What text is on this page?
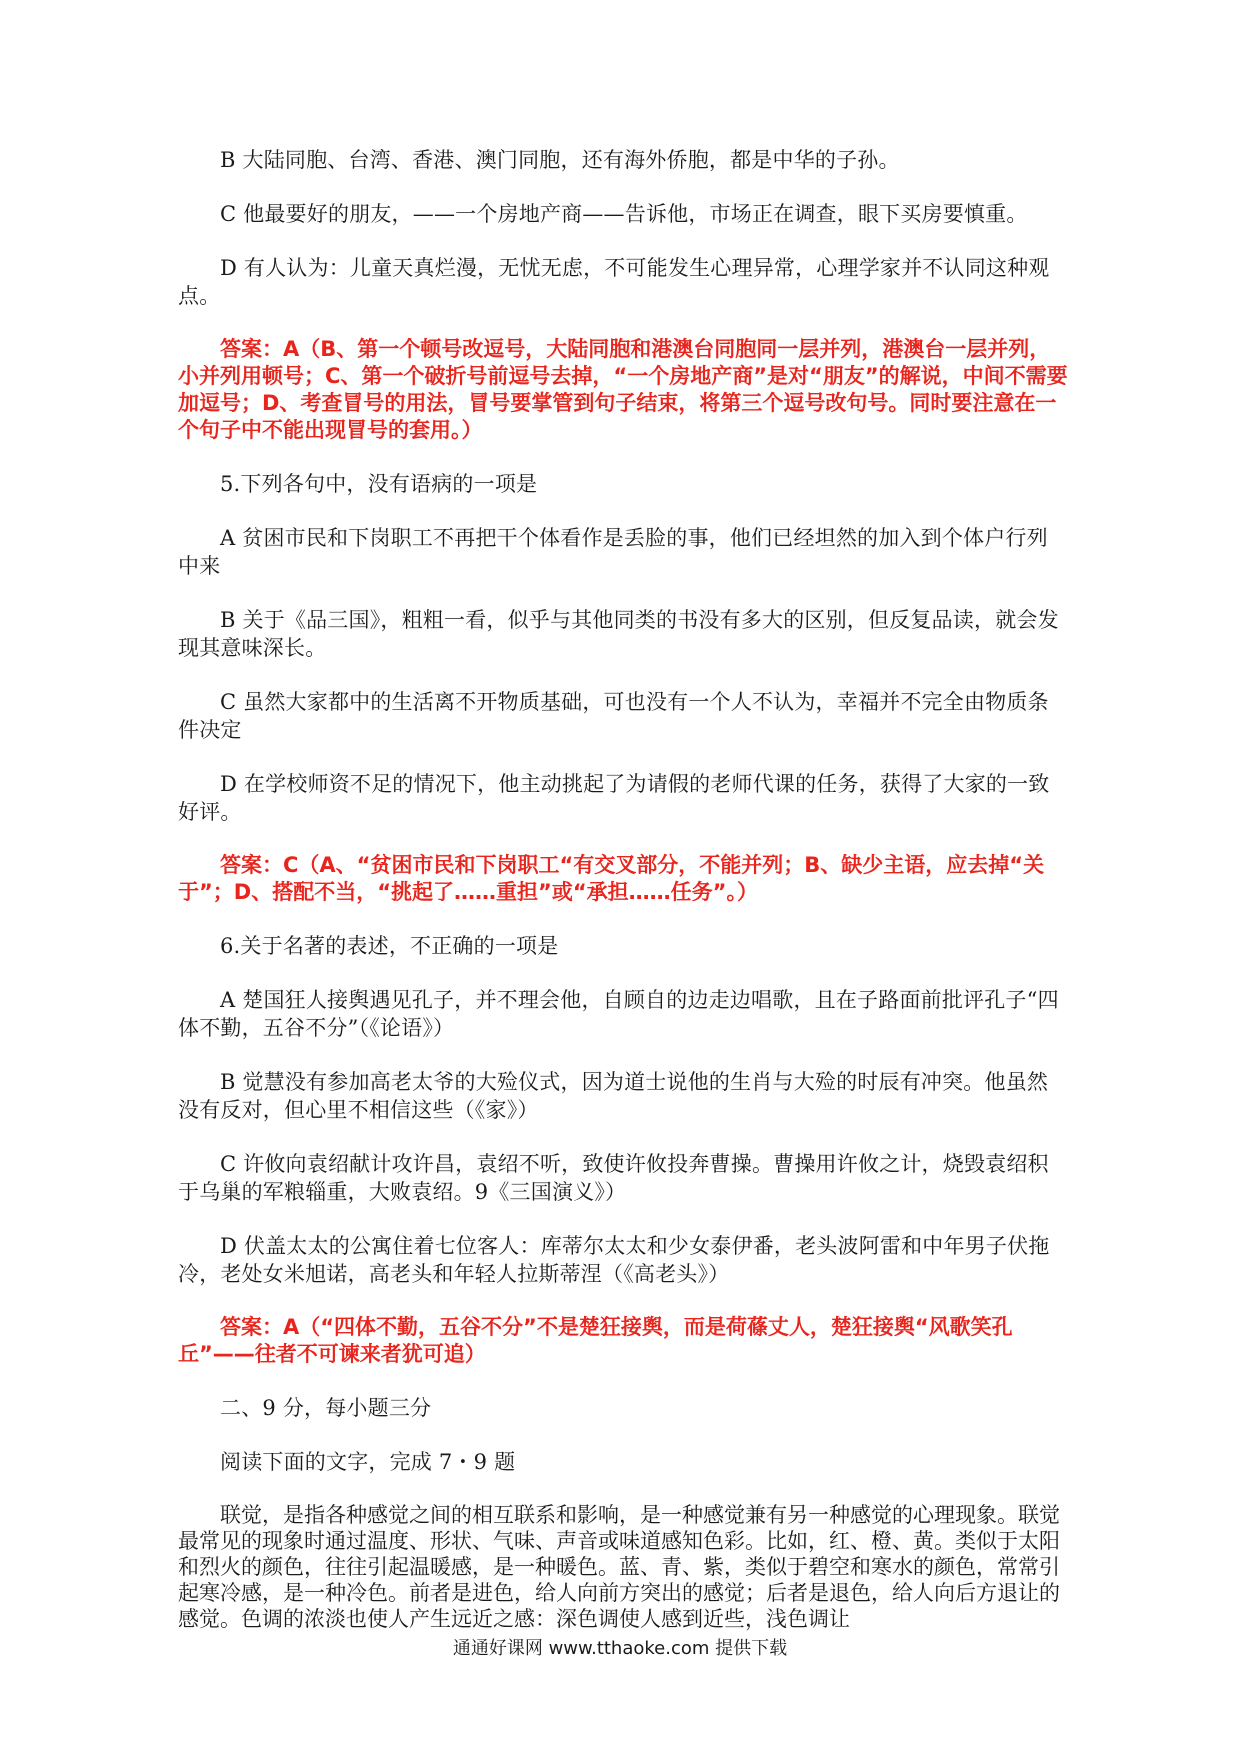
B 大陆同胞、台湾、香港、澳门同胞，还有海外侨胞，都是中华的子孙。

C 他最要好的朋友，——一个房地产商——告诉他，市场正在调查，眼下买房要慎重。

D 有人认为：儿童天真烂漫，无忧无虑，不可能发生心理异常，心理学家并不认同这种观点。

答案：A（B、第一个顿号改逗号，大陆同胞和港澳台同胞同一层并列，港澳台一层并列，小并列用顿号；C、第一个破折号前逗号去掉，“一个房地产商”是对“朋友”的解说，中间不需要加逗号；D、考查冒号的用法，冒号要掌管到句子结束，将第三个逗号改句号。同时要注意在一个句子中不能出现冒号的套用。）

5.下列各句中，没有语病的一项是

A 贫困市民和下岗职工不再把干个体看作是丢脸的事，他们已经坦然的加入到个体户行列中来

B 关于《品三国》，粗粗一看，似乎与其他同类的书没有多大的区别，但反复品读，就会发现其意味深长。

C 虽然大家都中的生活离不开物质基础，可也没有一个人不认为，幸福并不完全由物质条件决定

D 在学校师资不足的情况下，他主动挑起了为请假的老师代课的任务，获得了大家的一致好评。

答案：C（A、“贫困市民和下岗职工“有交叉部分，不能并列；B、缺少主语，应去掉“关于”；D、搭配不当，“挑起了……重担”或“承担……任务”。）

6.关于名著的表述，不正确的一项是

A 楚国狂人接舆遇见孔子，并不理会他，自顾自的边走边唱歌，且在子路面前批评孔子“四体不勤，五谷不分”（《论语》）

B 觉慧没有参加高老太爷的大殓仪式，因为道士说他的生肖与大殓的时辰有冲突。他虽然没有反对，但心里不相信这些（《家》）

C 许攸向袁绍献计攻许昌，袁绍不听，致使许攸投奔曹操。曹操用许攸之计，烧毁袁绍积于乌巢的军粮辎重，大败袁绍。9《三国演义》）

D 伏盖太太的公寓住着七位客人：库蒂尔太太和少女泰伊番，老头波阿雷和中年男子伏拖冷，老处女米旭诺，高老头和年轻人拉斯蒂涅（《高老头》）

答案：A（“四体不勤，五谷不分”不是楚狂接舆，而是荷蓧丈人，楚狂接舆“风歌笑孔丘”——往者不可谏来者犹可追）

二、9 分，每小题三分

阅读下面的文字，完成 7・9 题

联觉，是指各种感觉之间的相互联系和影响，是一种感觉兼有另一种感觉的心理现象。联觉最常见的现象时通过温度、形状、气味、声音或味道感知色彩。比如，红、橙、黄。类似于太阳和烈火的颜色，往往引起温暖感，是一种暖色。蓝、青、紫，类似于碧空和寒水的颜色，常常引起寒冷感，是一种冷色。前者是进色，给人向前方突出的感觉；后者是退色，给人向后方退让的感觉。色调的浓淡也使人产生远近之感：深色调使人感到近些，浅色调让

通通好课网 www.tthaoke.com 提供下载
